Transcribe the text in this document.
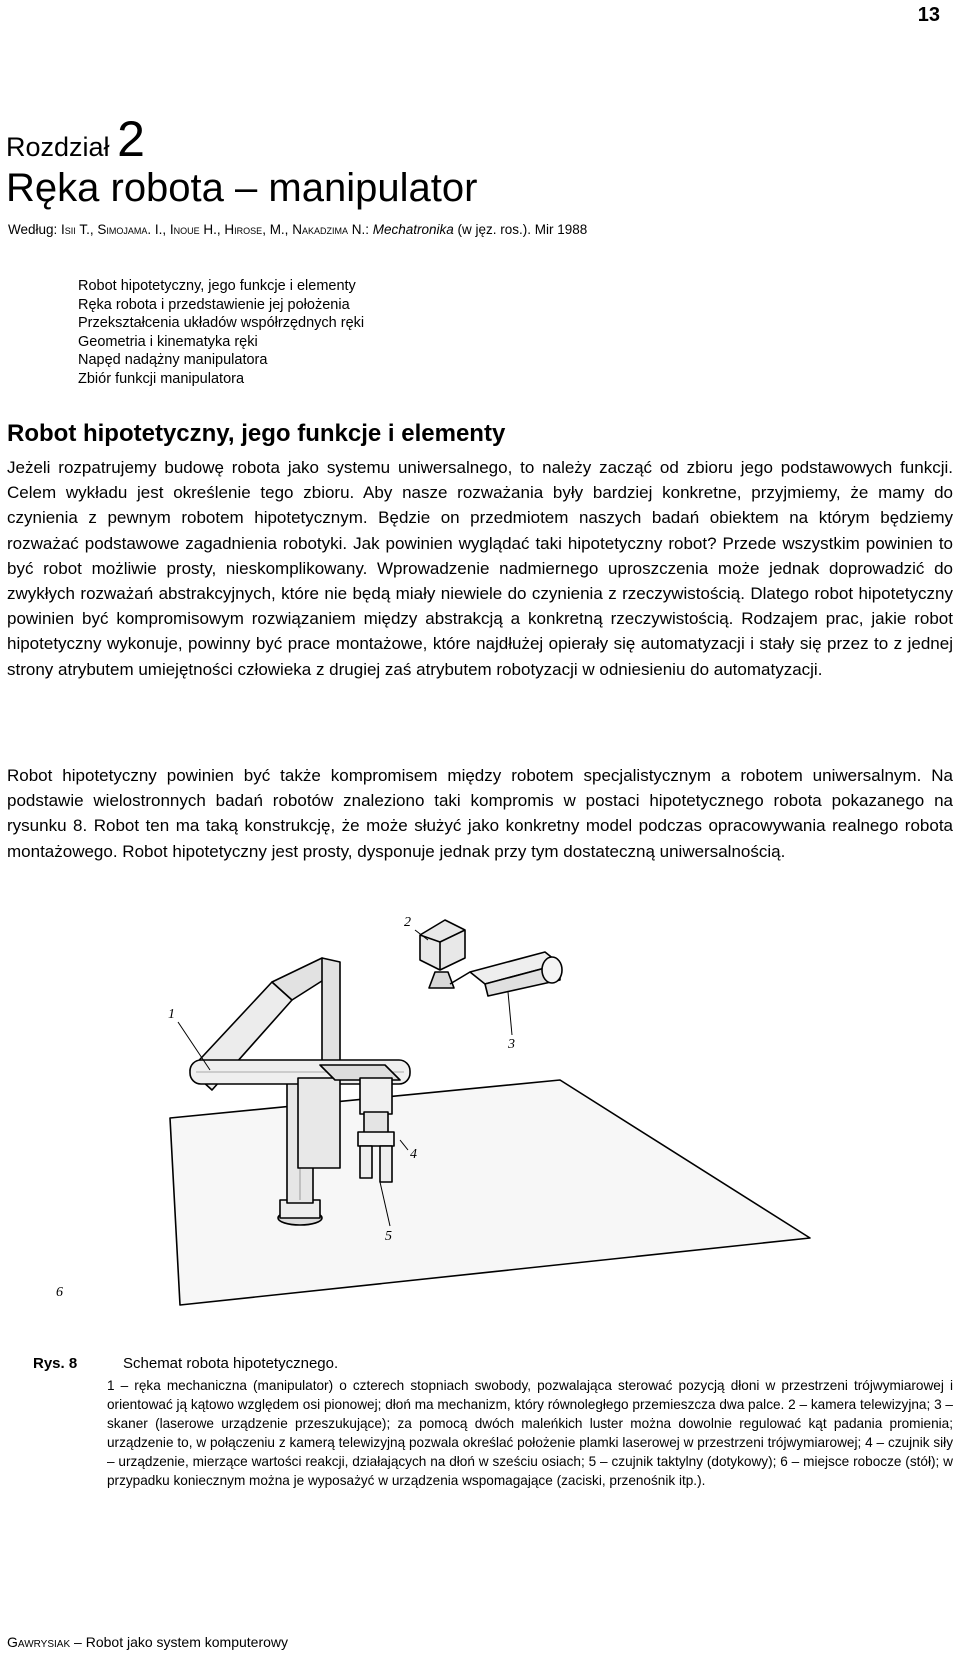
13
Rozdział 2
Ręka robota – manipulator
Według: Isii T., Simojama. I., Inoue H., Hirose, M., Nakadzima N.: Mechatronika (w jęz. ros.). Mir 1988
Robot hipotetyczny, jego funkcje i elementy
Ręka robota i przedstawienie jej położenia
Przekształcenia układów współrzędnych ręki
Geometria i kinematyka ręki
Napęd nadążny manipulatora
Zbiór funkcji manipulatora
Robot hipotetyczny, jego funkcje i elementy

Jeżeli rozpatrujemy budowę robota jako systemu uniwersalnego, to należy zacząć od zbioru jego podstawowych funkcji. Celem wykładu jest określenie tego zbioru. Aby nasze rozważania były bardziej konkretne, przyjmiemy, że mamy do czynienia z pewnym robotem hipotetycznym. Będzie on przedmiotem naszych badań obiektem na którym będziemy rozważać podstawowe zagadnienia robotyki. Jak powinien wyglądać taki hipotetyczny robot? Przede wszystkim powinien to być robot możliwie prosty, nieskomplikowany. Wprowadzenie nadmiernego uproszczenia może jednak doprowadzić do zwykłych rozważań abstrakcyjnych, które nie będą miały niewiele do czynienia z rzeczywistością. Dlatego robot hipotetyczny powinien być kompromisowym rozwiązaniem między abstrakcją a konkretną rzeczywistością. Rodzajem prac, jakie robot hipotetyczny wykonuje, powinny być prace montażowe, które najdłużej opierały się automatyzacji i stały się przez to z jednej strony atrybutem umiejętności człowieka z drugiej zaś atrybutem robotyzacji w odniesieniu do automatyzacji.

Robot hipotetyczny powinien być także kompromisem między robotem specjalistycznym a robotem uniwersalnym. Na podstawie wielostronnych badań robotów znaleziono taki kompromis w postaci hipotetycznego robota pokazanego na rysunku 8. Robot ten ma taką konstrukcję, że może służyć jako konkretny model podczas opracowywania realnego robota montażowego. Robot hipotetyczny jest prosty, dysponuje jednak przy tym dostateczną uniwersalnością.

1
2
3
4
5
6
Rys. 8	Schemat robota hipotetycznego.

1 – ręka mechaniczna (manipulator) o czterech stopniach swobody, pozwalająca sterować pozycją dłoni w przestrzeni trójwymiarowej i orientować ją kątowo względem osi pionowej; dłoń ma mechanizm, który równoległego przemieszcza dwa palce. 2 – kamera telewizyjna; 3 – skaner (laserowe urządzenie przeszukujące); za pomocą dwóch maleńkich luster można dowolnie regulować kąt padania promienia; urządzenie to, w połączeniu z kamerą telewizyjną pozwala określać położenie plamki laserowej w przestrzeni trójwymiarowej; 4 – czujnik siły – urządzenie, mierzące wartości reakcji, działających na dłoń w sześciu osiach; 5 – czujnik taktylny (dotykowy); 6 – miejsce robocze (stół); w przypadku koniecznym można je wyposażyć w urządzenia wspomagające (zaciski, przenośnik itp.).

Gawrysiak – Robot jako system komputerowy
